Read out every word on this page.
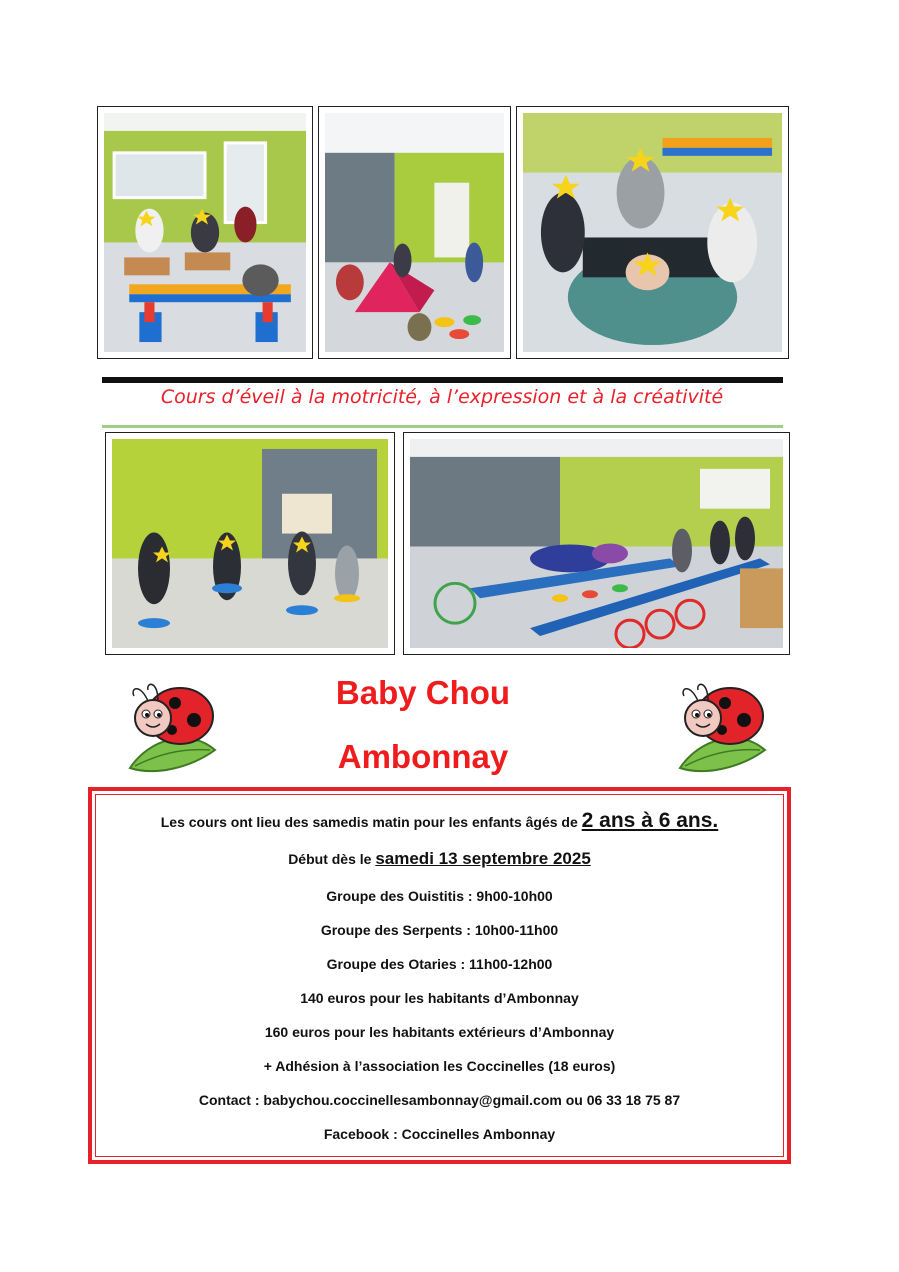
Cours d’éveil à la motricité, à l’expression et à la créativité
Baby Chou
Ambonnay
Les cours ont lieu des samedis matin pour les enfants âgés de 2 ans à 6 ans.
Début dès le samedi 13 septembre 2025
Groupe des Ouistitis : 9h00-10h00
Groupe des Serpents : 10h00-11h00
Groupe des Otaries : 11h00-12h00
140 euros pour les habitants d’Ambonnay
160 euros pour les habitants extérieurs d’Ambonnay
+ Adhésion à l’association les Coccinelles (18 euros)
Contact : babychou.coccinellesambonnay@gmail.com ou 06 33 18 75 87
Facebook : Coccinelles Ambonnay
